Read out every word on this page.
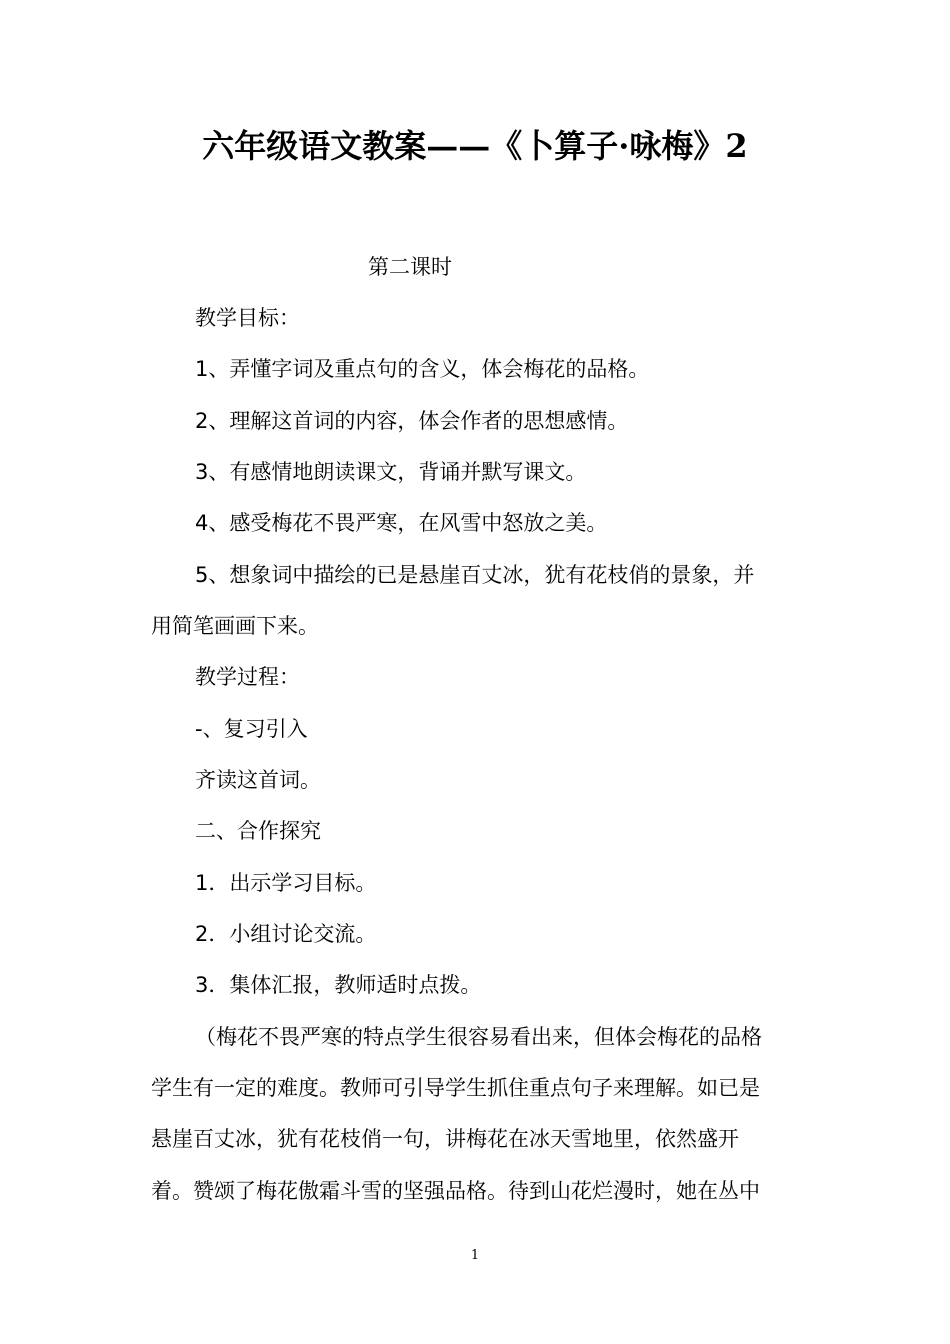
六年级语文教案——《卜算子·咏梅》2
第二课时
教学目标：
1、弄懂字词及重点句的含义，体会梅花的品格。
2、理解这首词的内容，体会作者的思想感情。
3、有感情地朗读课文，背诵并默写课文。
4、感受梅花不畏严寒，在风雪中怒放之美。
5、想象词中描绘的已是悬崖百丈冰，犹有花枝俏的景象，并
用简笔画画下来。
教学过程：
-、复习引入
齐读这首词。
二、合作探究
1．出示学习目标。
2．小组讨论交流。
3．集体汇报，教师适时点拨。
（梅花不畏严寒的特点学生很容易看出来，但体会梅花的品格
学生有一定的难度。教师可引导学生抓住重点句子来理解。如已是
悬崖百丈冰，犹有花枝俏一句，讲梅花在冰天雪地里，依然盛开
着。赞颂了梅花傲霜斗雪的坚强品格。待到山花烂漫时，她在丛中
1
